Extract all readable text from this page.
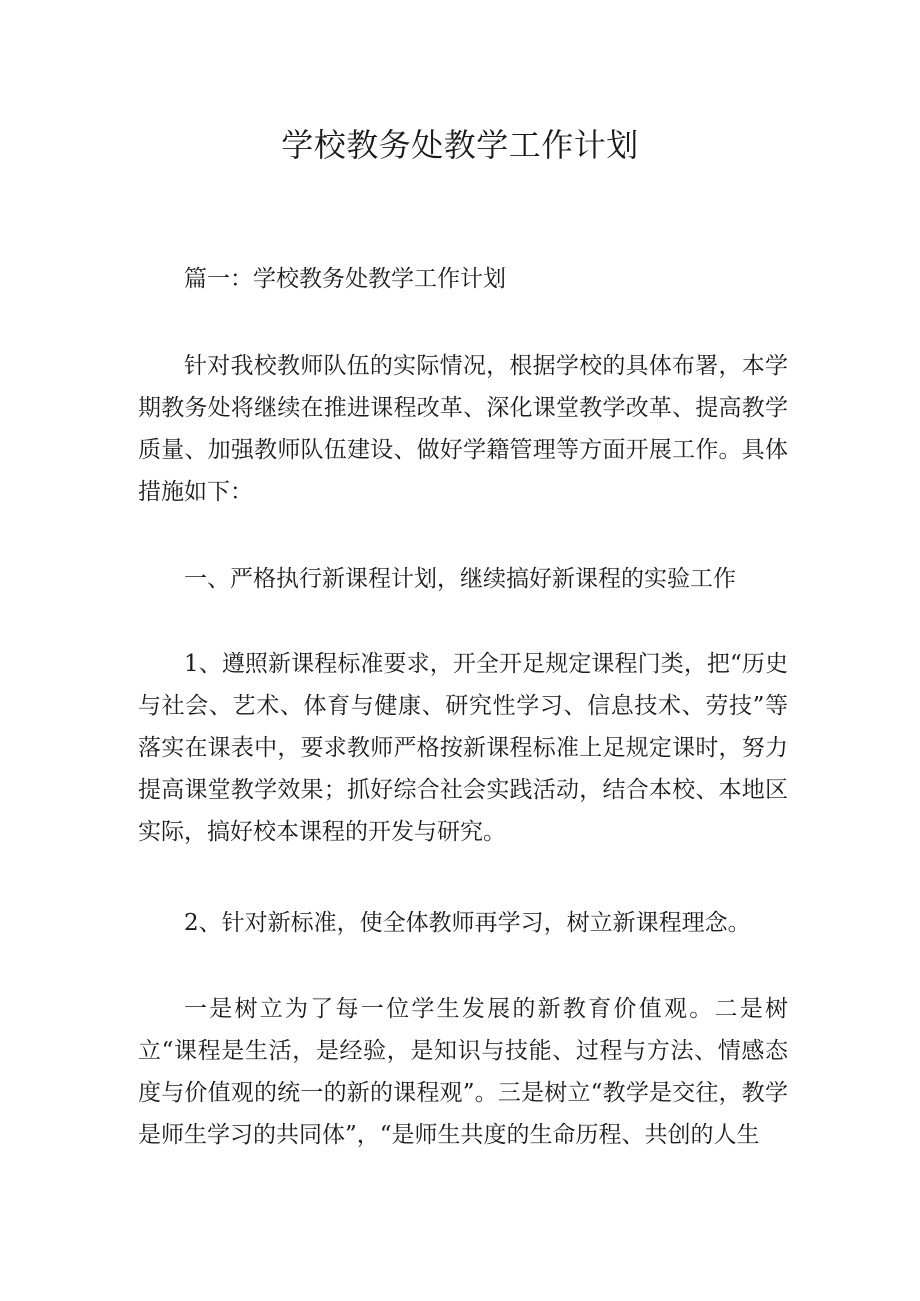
学校教务处教学工作计划

篇一：学校教务处教学工作计划

针对我校教师队伍的实际情况，根据学校的具体布署，本学期教务处将继续在推进课程改革、深化课堂教学改革、提高教学质量、加强教师队伍建设、做好学籍管理等方面开展工作。具体措施如下：

一、严格执行新课程计划，继续搞好新课程的实验工作

1、遵照新课程标准要求，开全开足规定课程门类，把“历史与社会、艺术、体育与健康、研究性学习、信息技术、劳技”等落实在课表中，要求教师严格按新课程标准上足规定课时，努力提高课堂教学效果；抓好综合社会实践活动，结合本校、本地区实际，搞好校本课程的开发与研究。

2、针对新标准，使全体教师再学习，树立新课程理念。

一是树立为了每一位学生发展的新教育价值观。二是树立“课程是生活，是经验，是知识与技能、过程与方法、情感态度与价值观的统一的新的课程观”。三是树立“教学是交往，教学是师生学习的共同体”，“是师生共度的生命历程、共创的人生
